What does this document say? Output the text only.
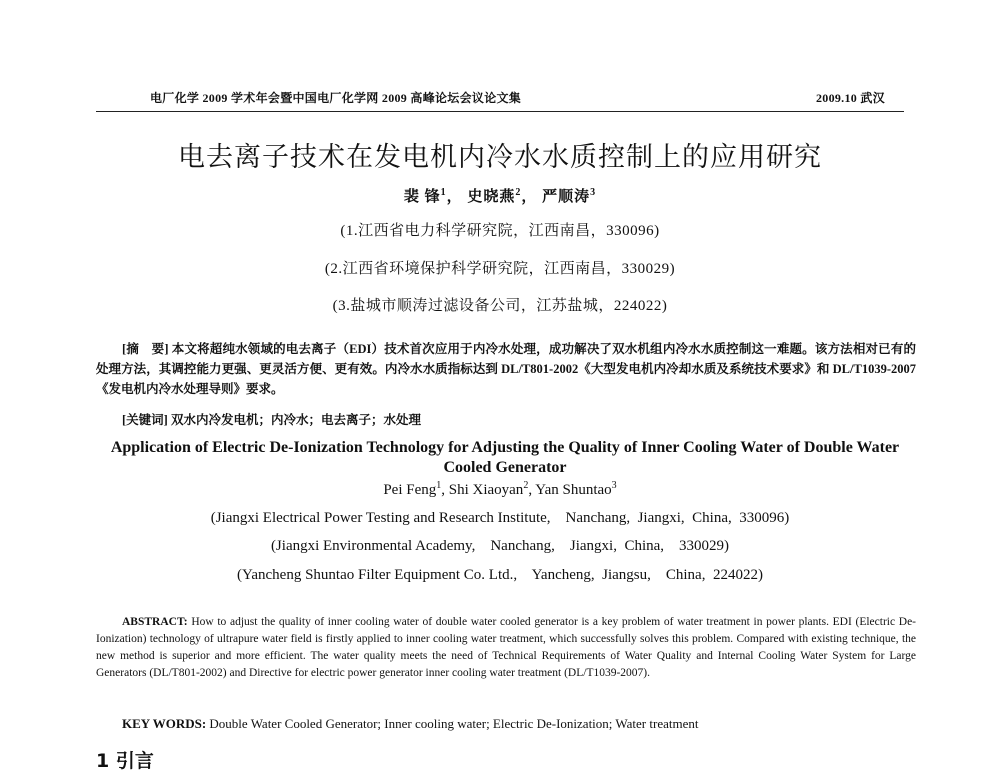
电厂化学 2009 学术年会暨中国电厂化学网 2009 高峰论坛会议论文集	2009.10 武汉
电去离子技术在发电机内冷水水质控制上的应用研究
裴 锋$^1$， 史晓燕$^2$， 严顺涛$^3$
(1.江西省电力科学研究院，江西南昌，330096)
(2.江西省环境保护科学研究院，江西南昌，330029)
(3.盐城市顺涛过滤设备公司，江苏盐城，224022)
[摘　要] 本文将超纯水领域的电去离子（EDI）技术首次应用于内冷水处理，成功解决了双水机组内冷水水质控制这一难题。该方法相对已有的处理方法，其调控能力更强、更灵活方便、更有效。内冷水水质指标达到 DL/T801-2002《大型发电机内冷却水质及系统技术要求》和 DL/T1039-2007《发电机内冷水处理导则》要求。
[关键词] 双水内冷发电机；内冷水；电去离子；水处理
Application of Electric De-Ionization Technology for Adjusting the Quality of Inner Cooling Water of Double Water Cooled Generator
Pei Feng$^1$, Shi Xiaoyan$^2$, Yan Shuntao$^3$
(Jiangxi Electrical Power Testing and Research Institute,    Nanchang,  Jiangxi,  China,  330096)
(Jiangxi Environmental Academy,    Nanchang,    Jiangxi,  China,    330029)
(Yancheng Shuntao Filter Equipment Co. Ltd.,    Yancheng,  Jiangsu,    China,  224022)
ABSTRACT: How to adjust the quality of inner cooling water of double water cooled generator is a key problem of water treatment in power plants. EDI (Electric De-Ionization) technology of ultrapure water field is firstly applied to inner cooling water treatment, which successfully solves this problem. Compared with existing technique, the new method is superior and more efficient. The water quality meets the need of Technical Requirements of Water Quality and Internal Cooling Water System for Large Generators (DL/T801-2002) and Directive for electric power generator inner cooling water treatment (DL/T1039-2007).
KEY WORDS: Double Water Cooled Generator; Inner cooling water; Electric De-Ionization; Water treatment
1 引言
